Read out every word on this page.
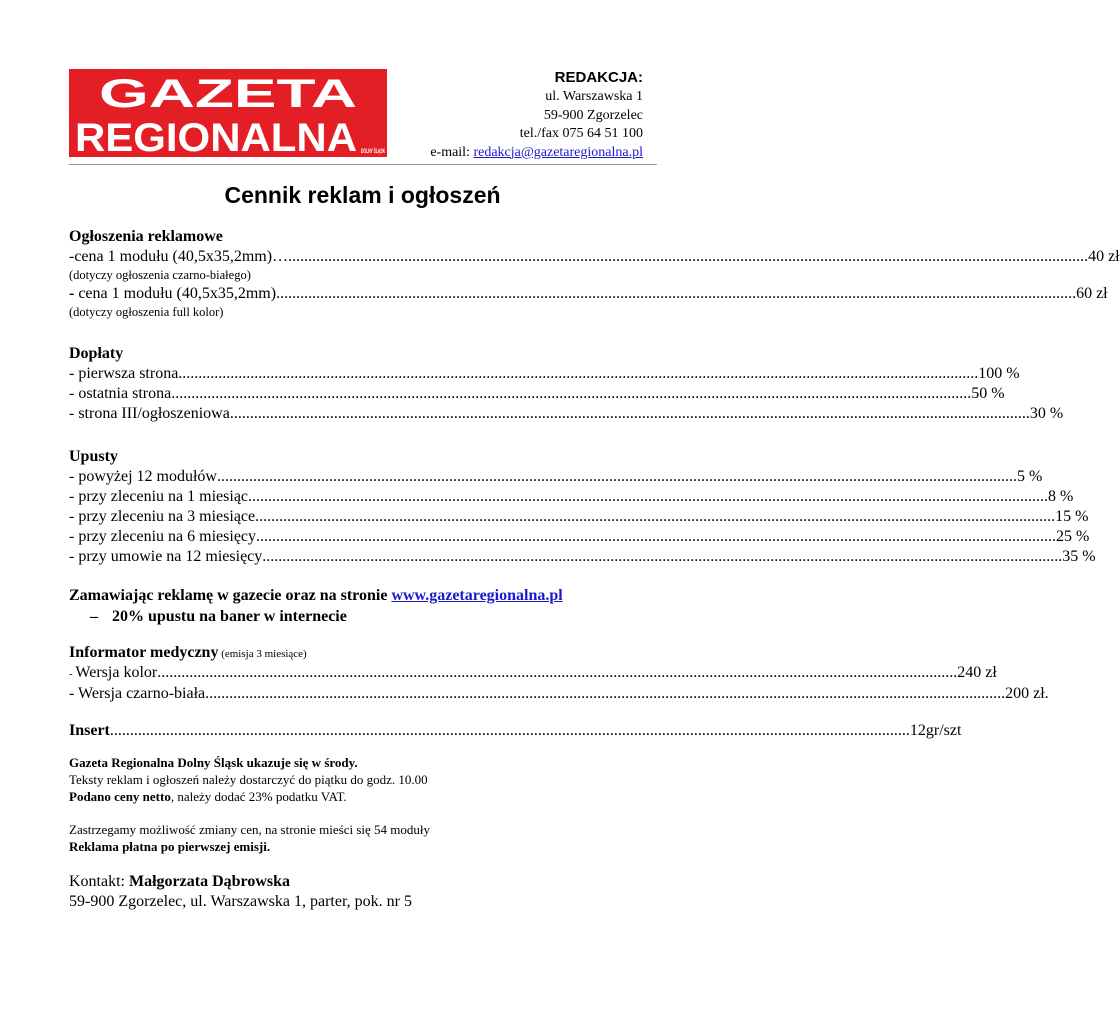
GAZETA
REGIONALNA DOLNY ŚLĄSK
REDAKCJA:
ul. Warszawska 1
59-900 Zgorzelec
tel./fax 075 64 51 100
e-mail: redakcja@gazetaregionalna.pl
Cennik reklam i ogłoszeń
Ogłoszenia reklamowe
-cena 1 modułu (40,5x35,2mm)… .....	40 zł
(dotyczy ogłoszenia czarno-białego)
- cena 1 modułu (40,5x35,2mm) .....	60 zł
(dotyczy ogłoszenia full kolor)
Dopłaty
- pierwsza strona .....	100 %
- ostatnia strona .....	50 %
- strona III/ogłoszeniowa .....	30 %
Upusty
- powyżej 12 modułów .....	5 %
- przy zleceniu na 1 miesiąc .....	8 %
- przy zleceniu na 3 miesiące .....	15 %
- przy zleceniu na 6 miesięcy .....	25 %
- przy umowie na 12 miesięcy .....	35 %
Zamawiając reklamę w gazecie oraz na stronie www.gazetaregionalna.pl
– 20% upustu na baner w internecie
Informator medyczny (emisja 3 miesiące)
- Wersja kolor .....	240 zł
- Wersja czarno-biała .....	200 zł.
Insert .....	12gr/szt
Gazeta Regionalna Dolny Śląsk ukazuje się w środy.
Teksty reklam i ogłoszeń należy dostarczyć do piątku do godz. 10.00
Podano ceny netto, należy dodać 23% podatku VAT.
Zastrzegamy możliwość zmiany cen, na stronie mieści się 54 moduły
Reklama płatna po pierwszej emisji.
Kontakt: Małgorzata Dąbrowska
59-900 Zgorzelec, ul. Warszawska 1, parter, pok. nr 5
